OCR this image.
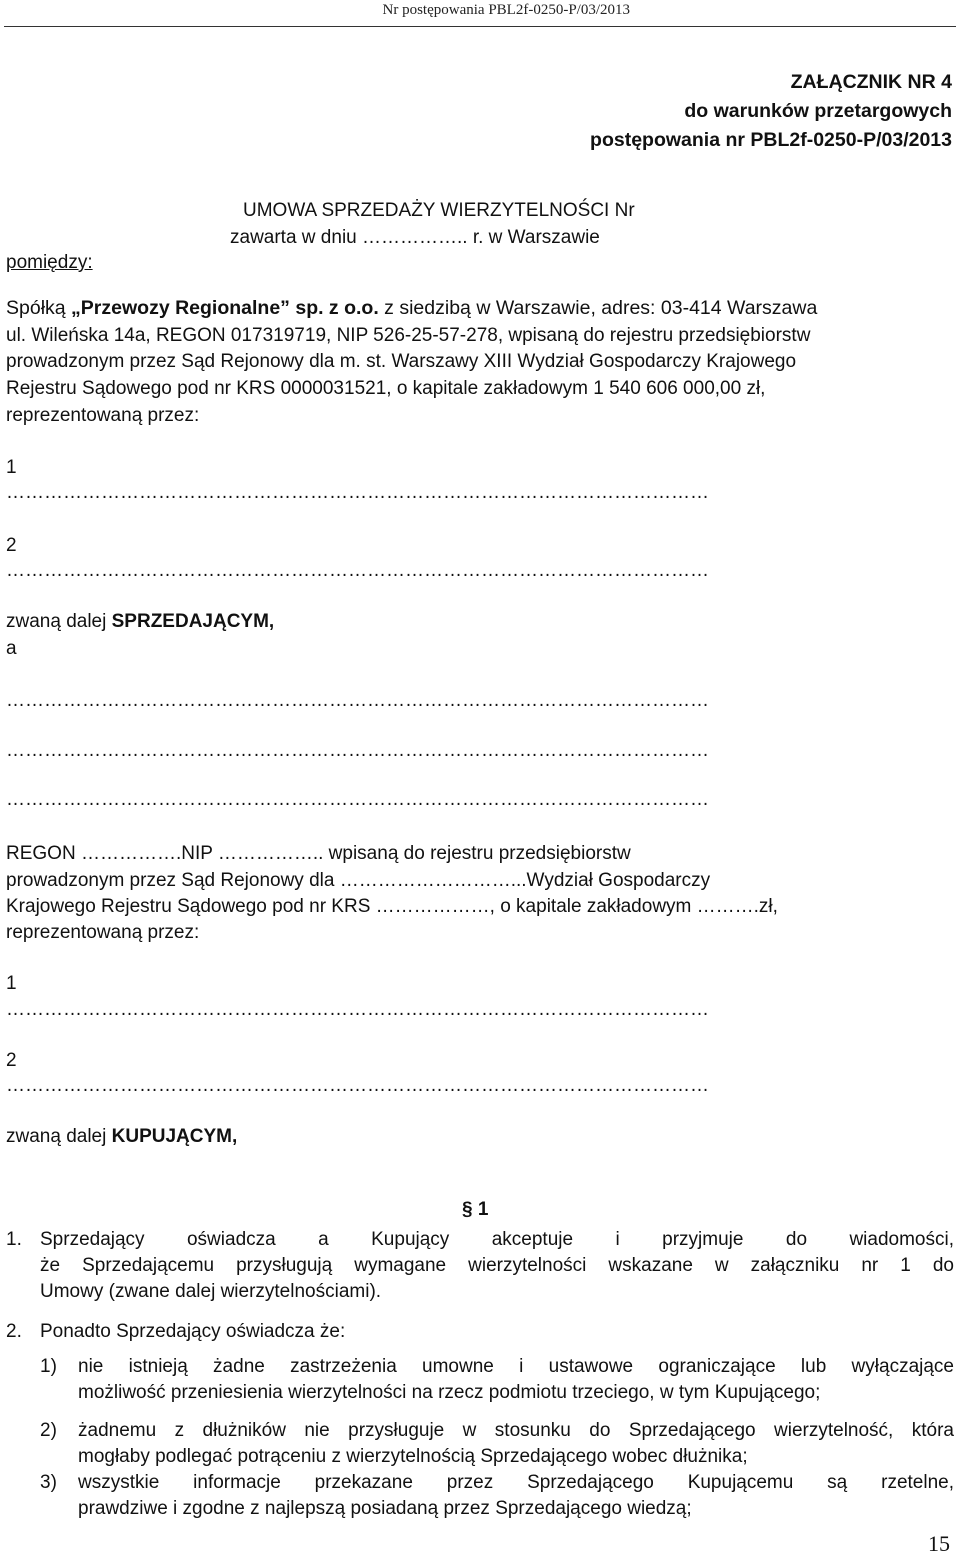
Nr postępowania PBL2f-0250-P/03/2013
ZAŁĄCZNIK NR 4
do warunków przetargowych
postępowania nr PBL2f-0250-P/03/2013
UMOWA SPRZEDAŻY WIERZYTELNOŚCI Nr
zawarta w dniu …………….. r. w Warszawie
pomiędzy:
Spółką „Przewozy Regionalne” sp. z o.o. z siedzibą w Warszawie, adres: 03-414 Warszawa
ul. Wileńska 14a, REGON 017319719, NIP 526-25-57-278, wpisaną do rejestru przedsiębiorstw
prowadzonym przez Sąd Rejonowy dla m. st. Warszawy XIII Wydział Gospodarczy Krajowego
Rejestru Sądowego pod nr KRS 0000031521, o kapitale zakładowym 1 540 606 000,00 zł,
reprezentowaną przez:
1
…………………………………………………………………………………………………
2
…………………………………………………………………………………………………
zwaną dalej SPRZEDAJĄCYM,
a
…………………………………………………………………………………………………
…………………………………………………………………………………………………
…………………………………………………………………………………………………
REGON …………….NIP …………….. wpisaną do rejestru przedsiębiorstw
prowadzonym przez Sąd Rejonowy dla ………………………...Wydział Gospodarczy
Krajowego Rejestru Sądowego pod nr KRS ………………, o kapitale zakładowym ……….zł,
reprezentowaną przez:
1
…………………………………………………………………………………………………
2
…………………………………………………………………………………………………
zwaną dalej KUPUJĄCYM,
§ 1
1. Sprzedający oświadcza a Kupujący akceptuje i przyjmuje do wiadomości,
że Sprzedającemu przysługują wymagane wierzytelności wskazane w załączniku nr 1 do
Umowy (zwane dalej wierzytelnościami).
2. Ponadto Sprzedający oświadcza że:
1)	nie istnieją żadne zastrzeżenia umowne i ustawowe ograniczające lub wyłączające
możliwość przeniesienia wierzytelności na rzecz podmiotu trzeciego, w tym Kupującego;
2)	żadnemu z dłużników nie przysługuje w stosunku do Sprzedającego wierzytelność, która
mogłaby podlegać potrąceniu z wierzytelnością Sprzedającego wobec dłużnika;
3)	wszystkie informacje przekazane przez Sprzedającego Kupującemu są rzetelne,
prawdziwe i zgodne z najlepszą posiadaną przez Sprzedającego wiedzą;
15
